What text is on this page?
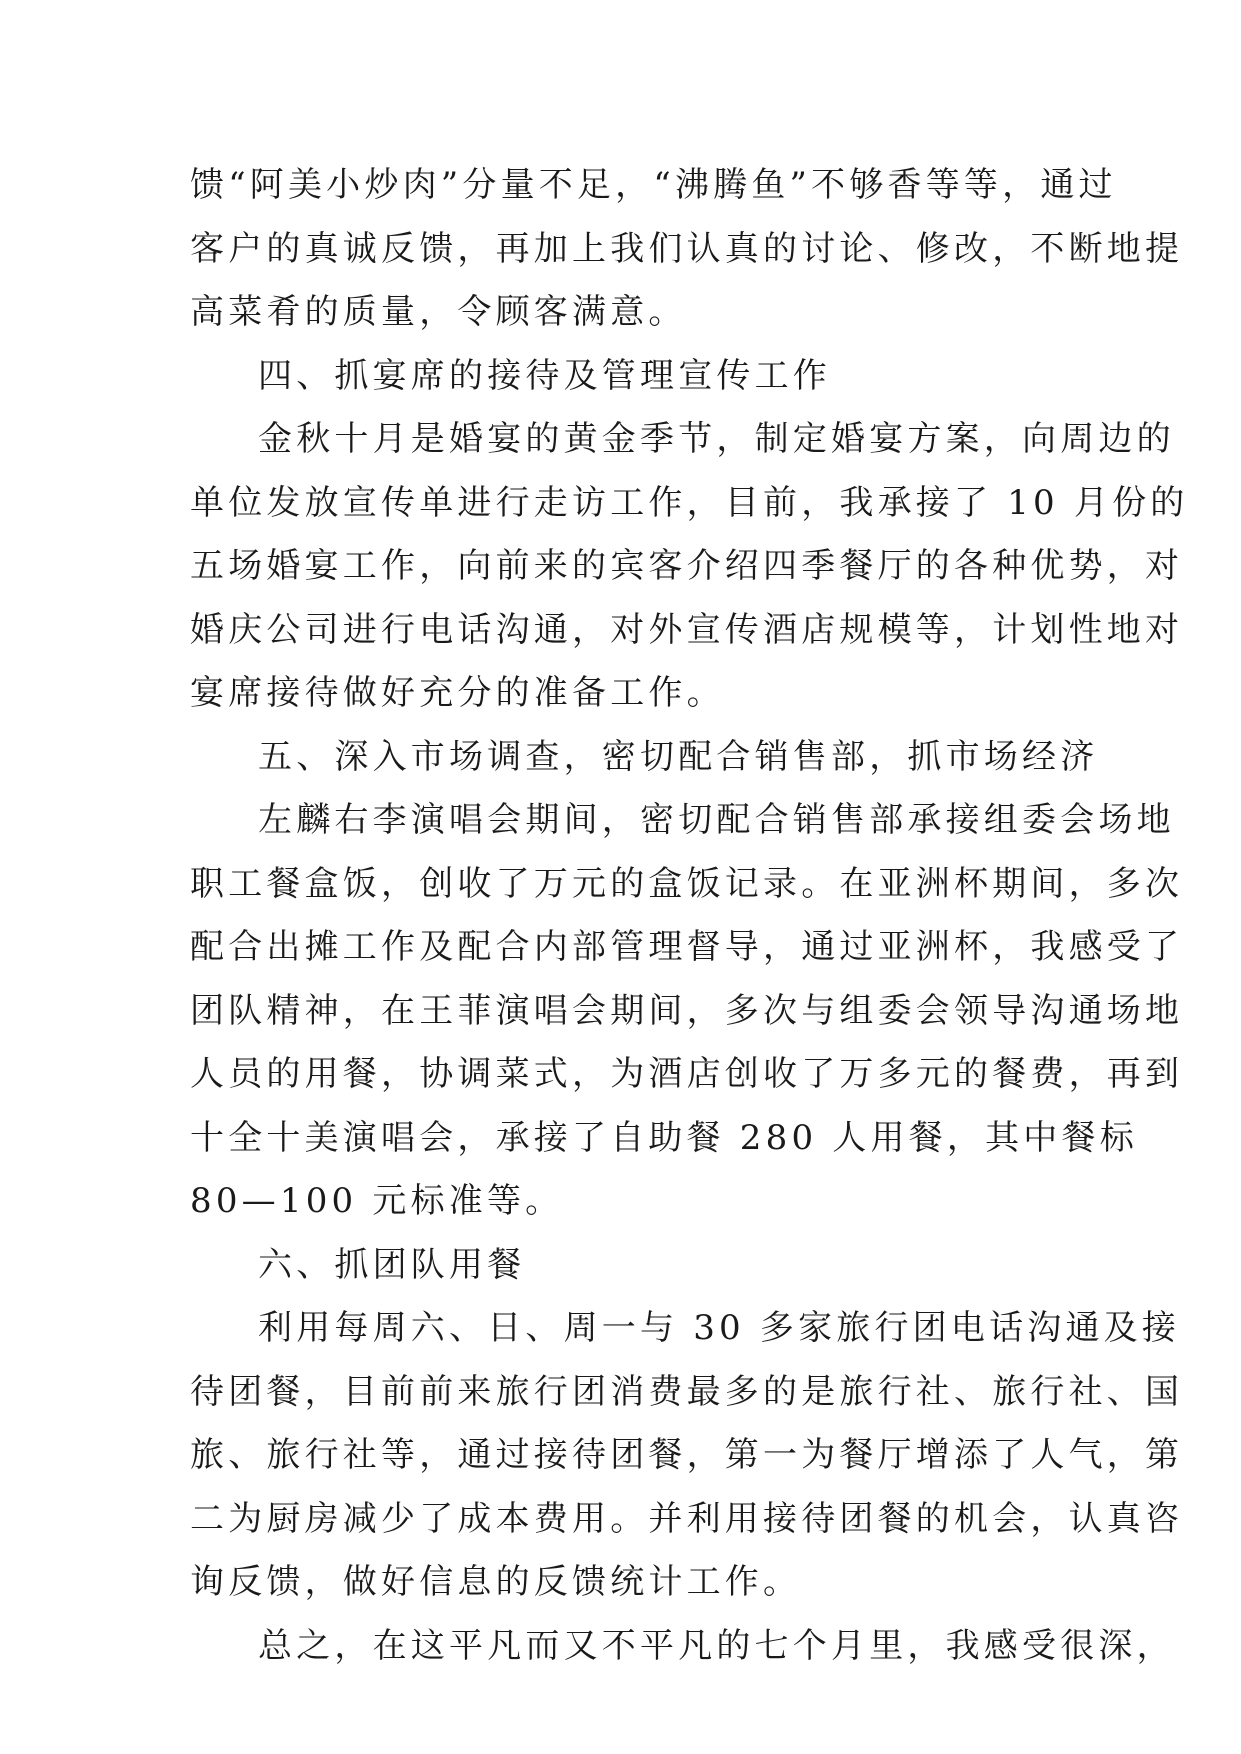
馈“阿美小炒肉”分量不足，“沸腾鱼”不够香等等，通过
客户的真诚反馈，再加上我们认真的讨论、修改，不断地提
高菜肴的质量，令顾客满意。
四、抓宴席的接待及管理宣传工作
金秋十月是婚宴的黄金季节，制定婚宴方案，向周边的
单位发放宣传单进行走访工作，目前，我承接了 10 月份的
五场婚宴工作，向前来的宾客介绍四季餐厅的各种优势，对
婚庆公司进行电话沟通，对外宣传酒店规模等，计划性地对
宴席接待做好充分的准备工作。
五、深入市场调查，密切配合销售部，抓市场经济
左麟右李演唱会期间，密切配合销售部承接组委会场地
职工餐盒饭，创收了万元的盒饭记录。在亚洲杯期间，多次
配合出摊工作及配合内部管理督导，通过亚洲杯，我感受了
团队精神，在王菲演唱会期间，多次与组委会领导沟通场地
人员的用餐，协调菜式，为酒店创收了万多元的餐费，再到
十全十美演唱会，承接了自助餐 280 人用餐，其中餐标
80—100 元标准等。
六、抓团队用餐
利用每周六、日、周一与 30 多家旅行团电话沟通及接
待团餐，目前前来旅行团消费最多的是旅行社、旅行社、国
旅、旅行社等，通过接待团餐，第一为餐厅增添了人气，第
二为厨房减少了成本费用。并利用接待团餐的机会，认真咨
询反馈，做好信息的反馈统计工作。
总之，在这平凡而又不平凡的七个月里，我感受很深，
